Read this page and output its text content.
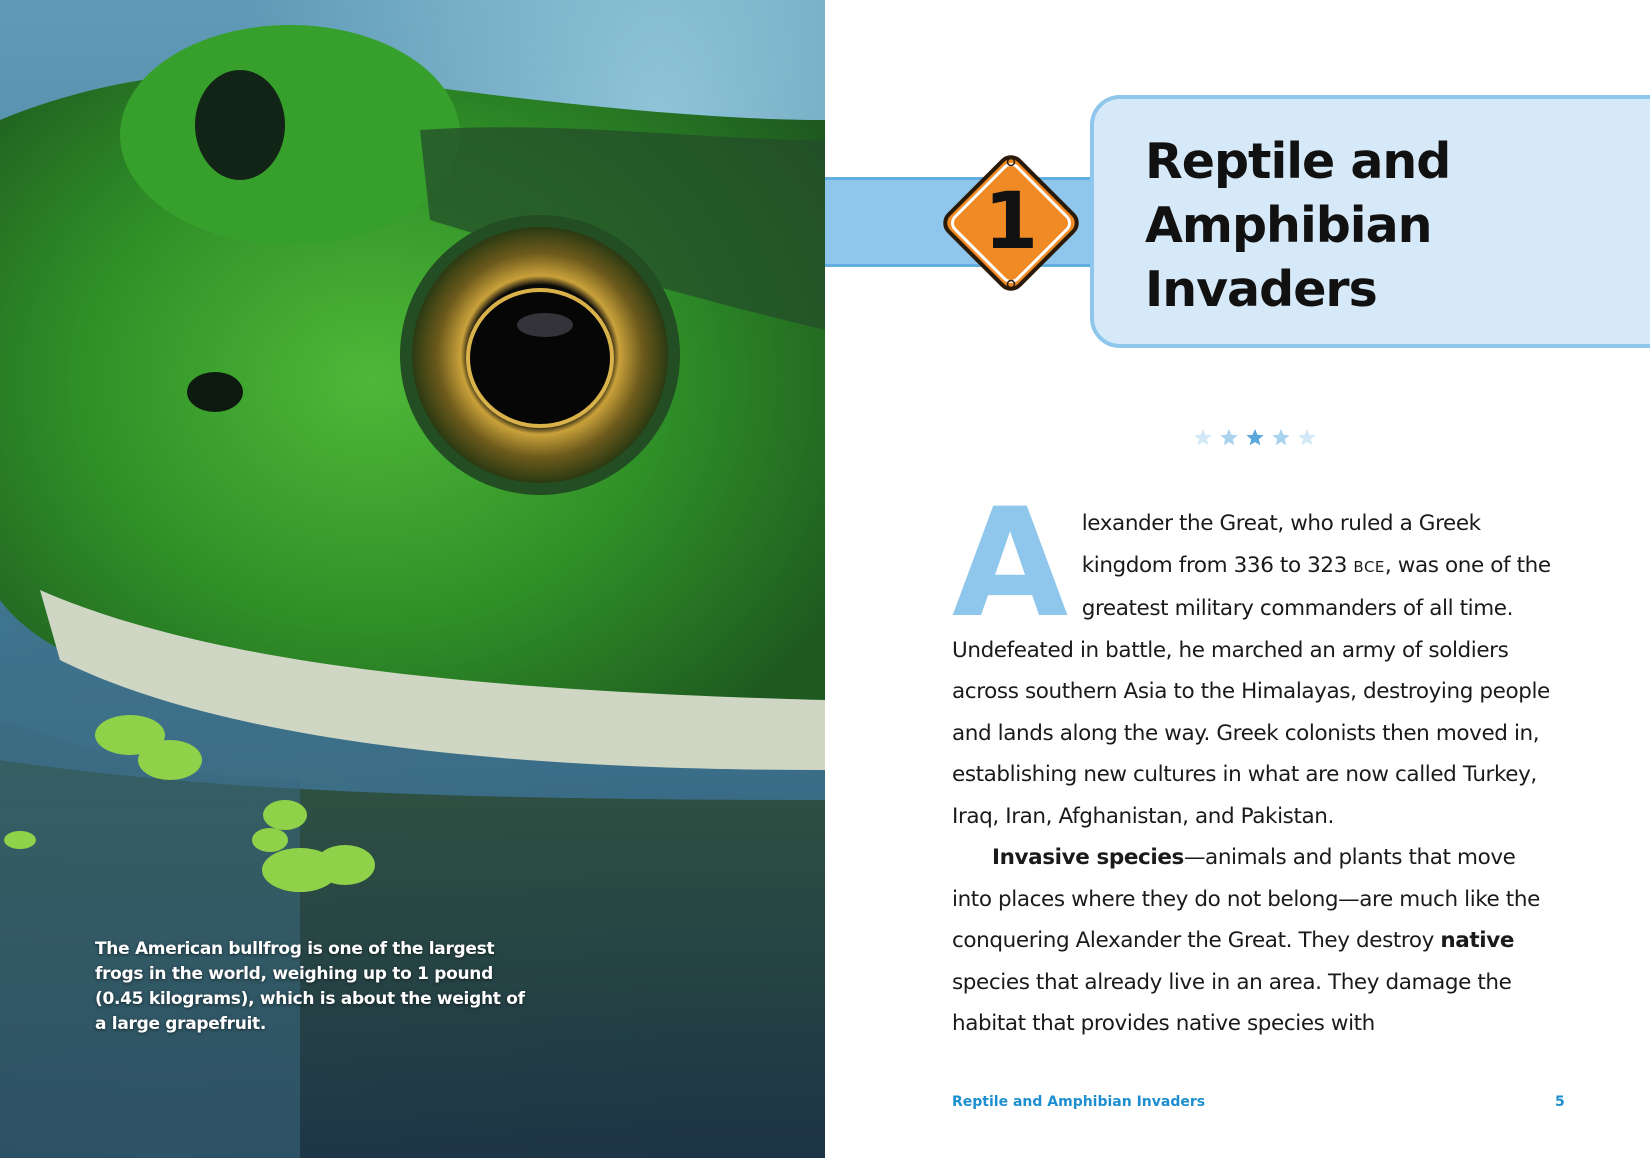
The American bullfrog is one of the largest frogs in the world, weighing up to 1 pound (0.45 kilograms), which is about the weight of a large grapefruit.
1
Reptile and Amphibian Invaders

Alexander the Great, who ruled a Greek kingdom from 336 to 323 BCE, was one of the greatest military commanders of all time. Undefeated in battle, he marched an army of soldiers across southern Asia to the Himalayas, destroying people and lands along the way. Greek colonists then moved in, establishing new cultures in what are now called Turkey, Iraq, Iran, Afghanistan, and Pakistan.

Invasive species—animals and plants that move into places where they do not belong—are much like the conquering Alexander the Great. They destroy native species that already live in an area. They damage the habitat that provides native species with

Reptile and Amphibian Invaders	5
